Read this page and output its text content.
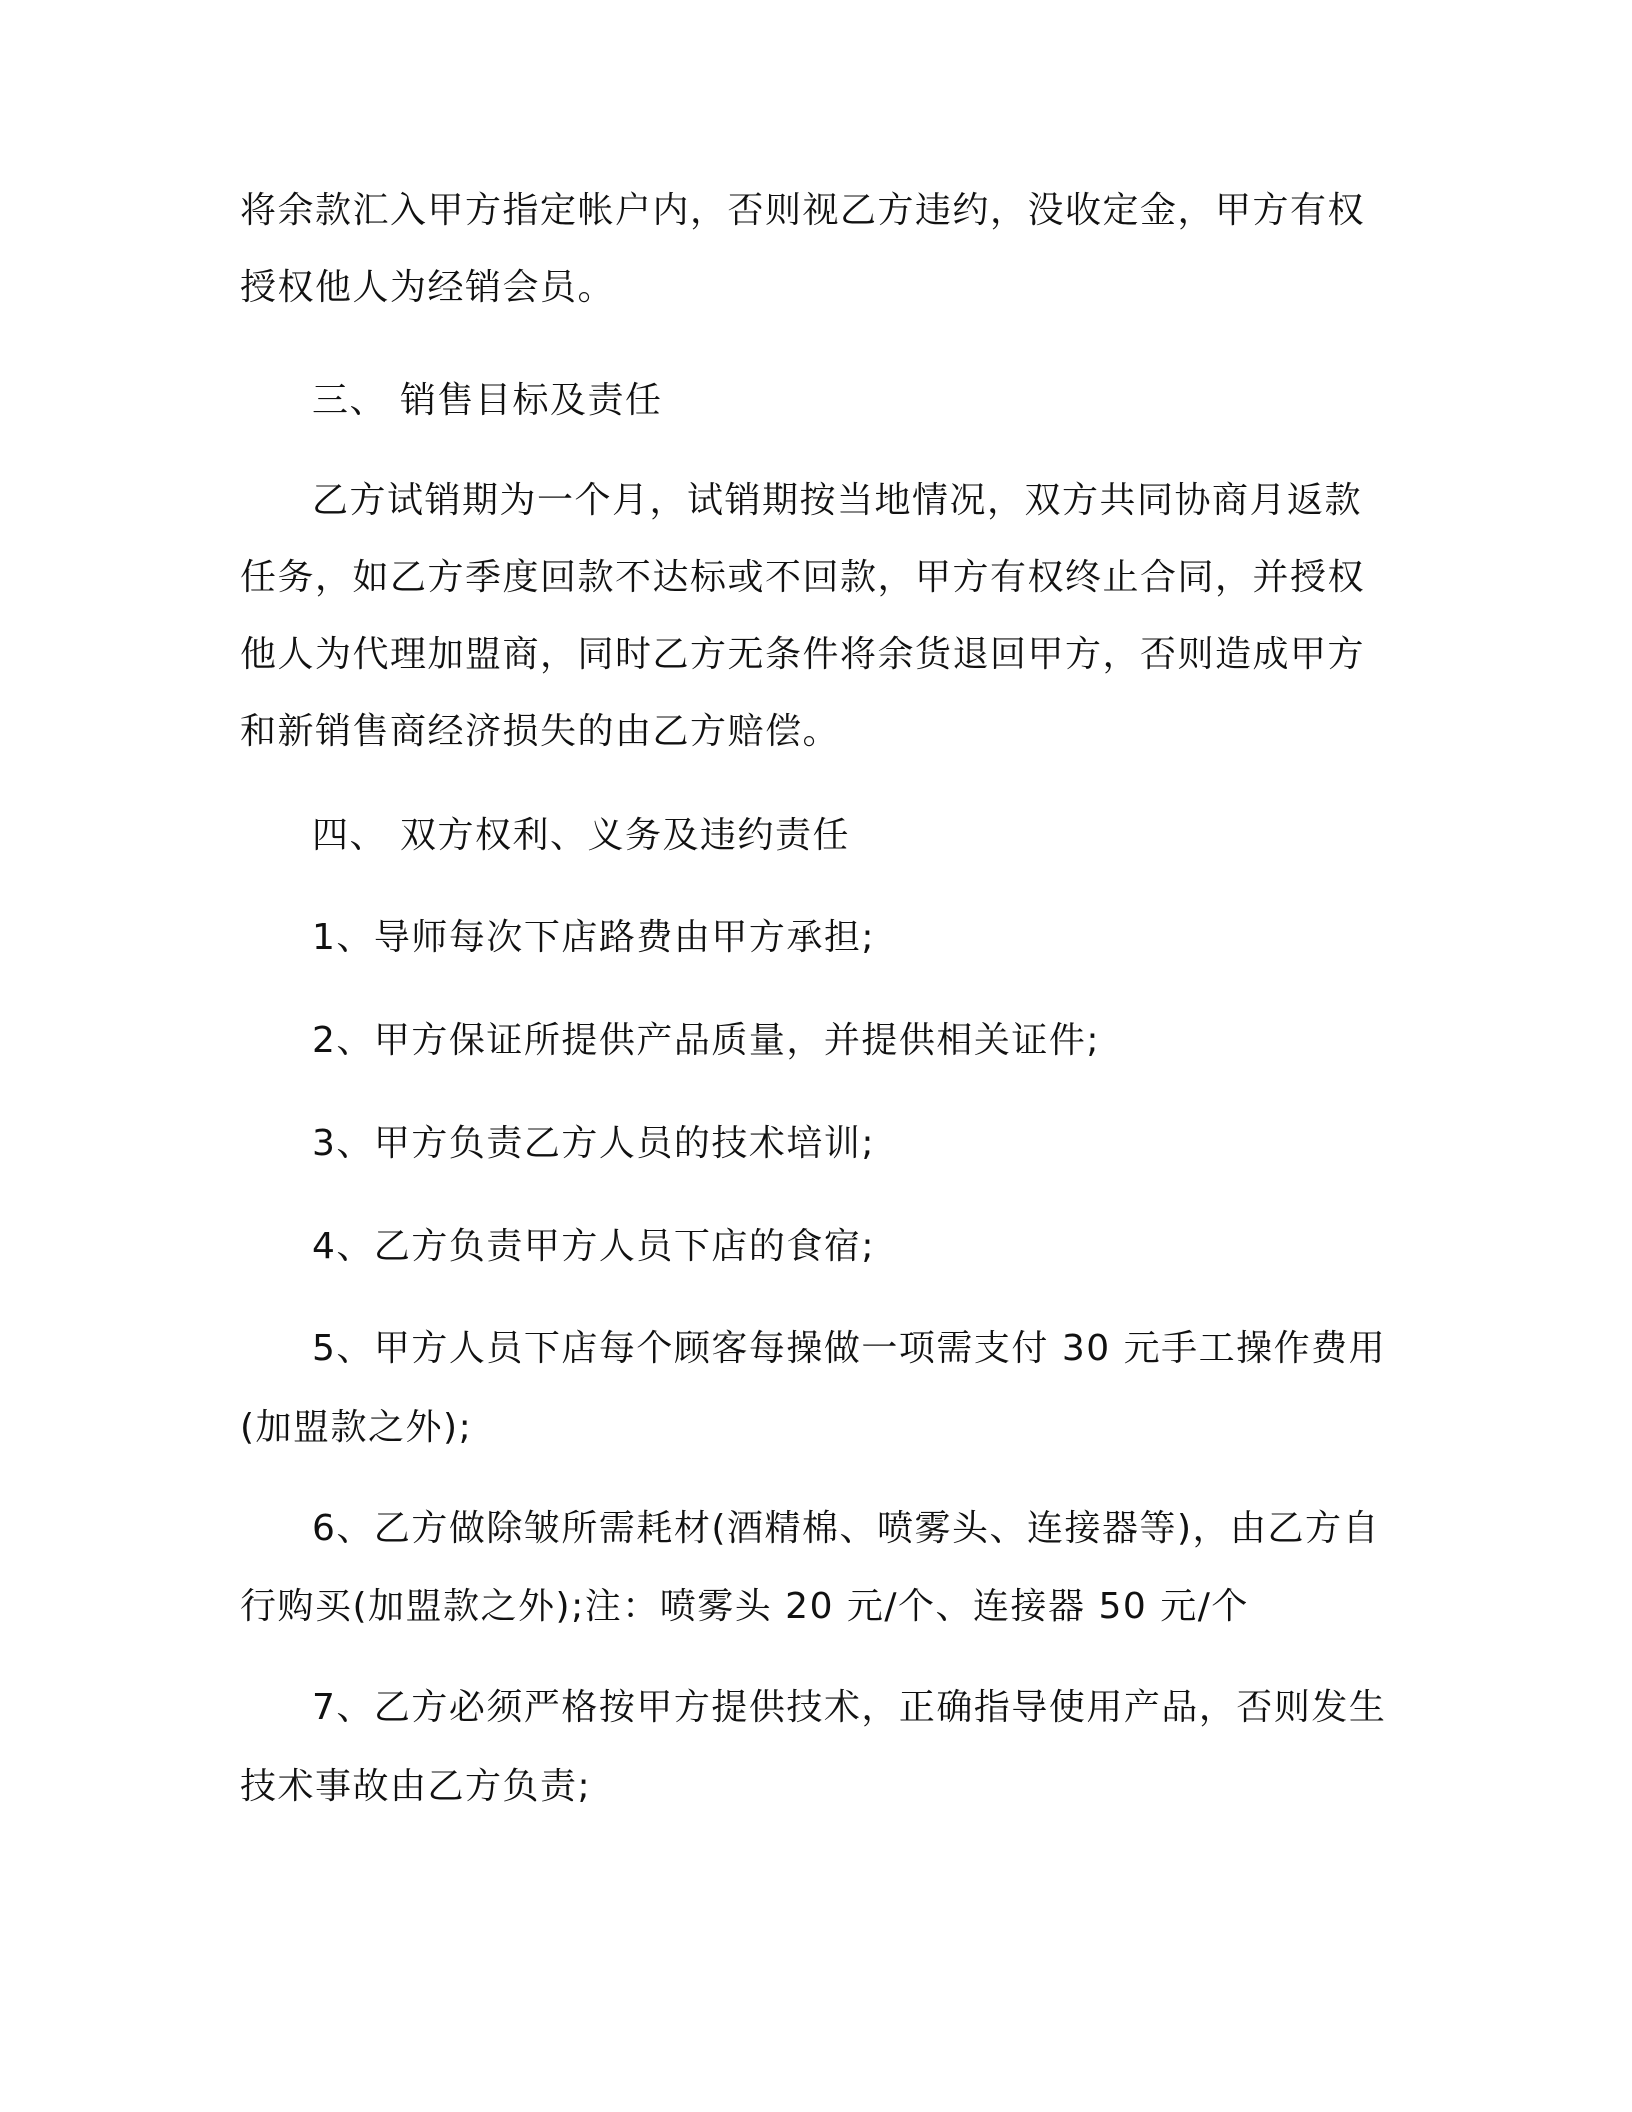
将余款汇入甲方指定帐户内，否则视乙方违约，没收定金，甲方有权
授权他人为经销会员。
三、 销售目标及责任
乙方试销期为一个月，试销期按当地情况，双方共同协商月返款
任务，如乙方季度回款不达标或不回款，甲方有权终止合同，并授权
他人为代理加盟商，同时乙方无条件将余货退回甲方，否则造成甲方
和新销售商经济损失的由乙方赔偿。
四、 双方权利、义务及违约责任
1、导师每次下店路费由甲方承担;
2、甲方保证所提供产品质量，并提供相关证件;
3、甲方负责乙方人员的技术培训;
4、乙方负责甲方人员下店的食宿;
5、甲方人员下店每个顾客每操做一项需支付 30 元手工操作费用
(加盟款之外);
6、乙方做除皱所需耗材(酒精棉、喷雾头、连接器等)，由乙方自
行购买(加盟款之外);注：喷雾头 20 元/个、连接器 50 元/个
7、乙方必须严格按甲方提供技术，正确指导使用产品，否则发生
技术事故由乙方负责;
